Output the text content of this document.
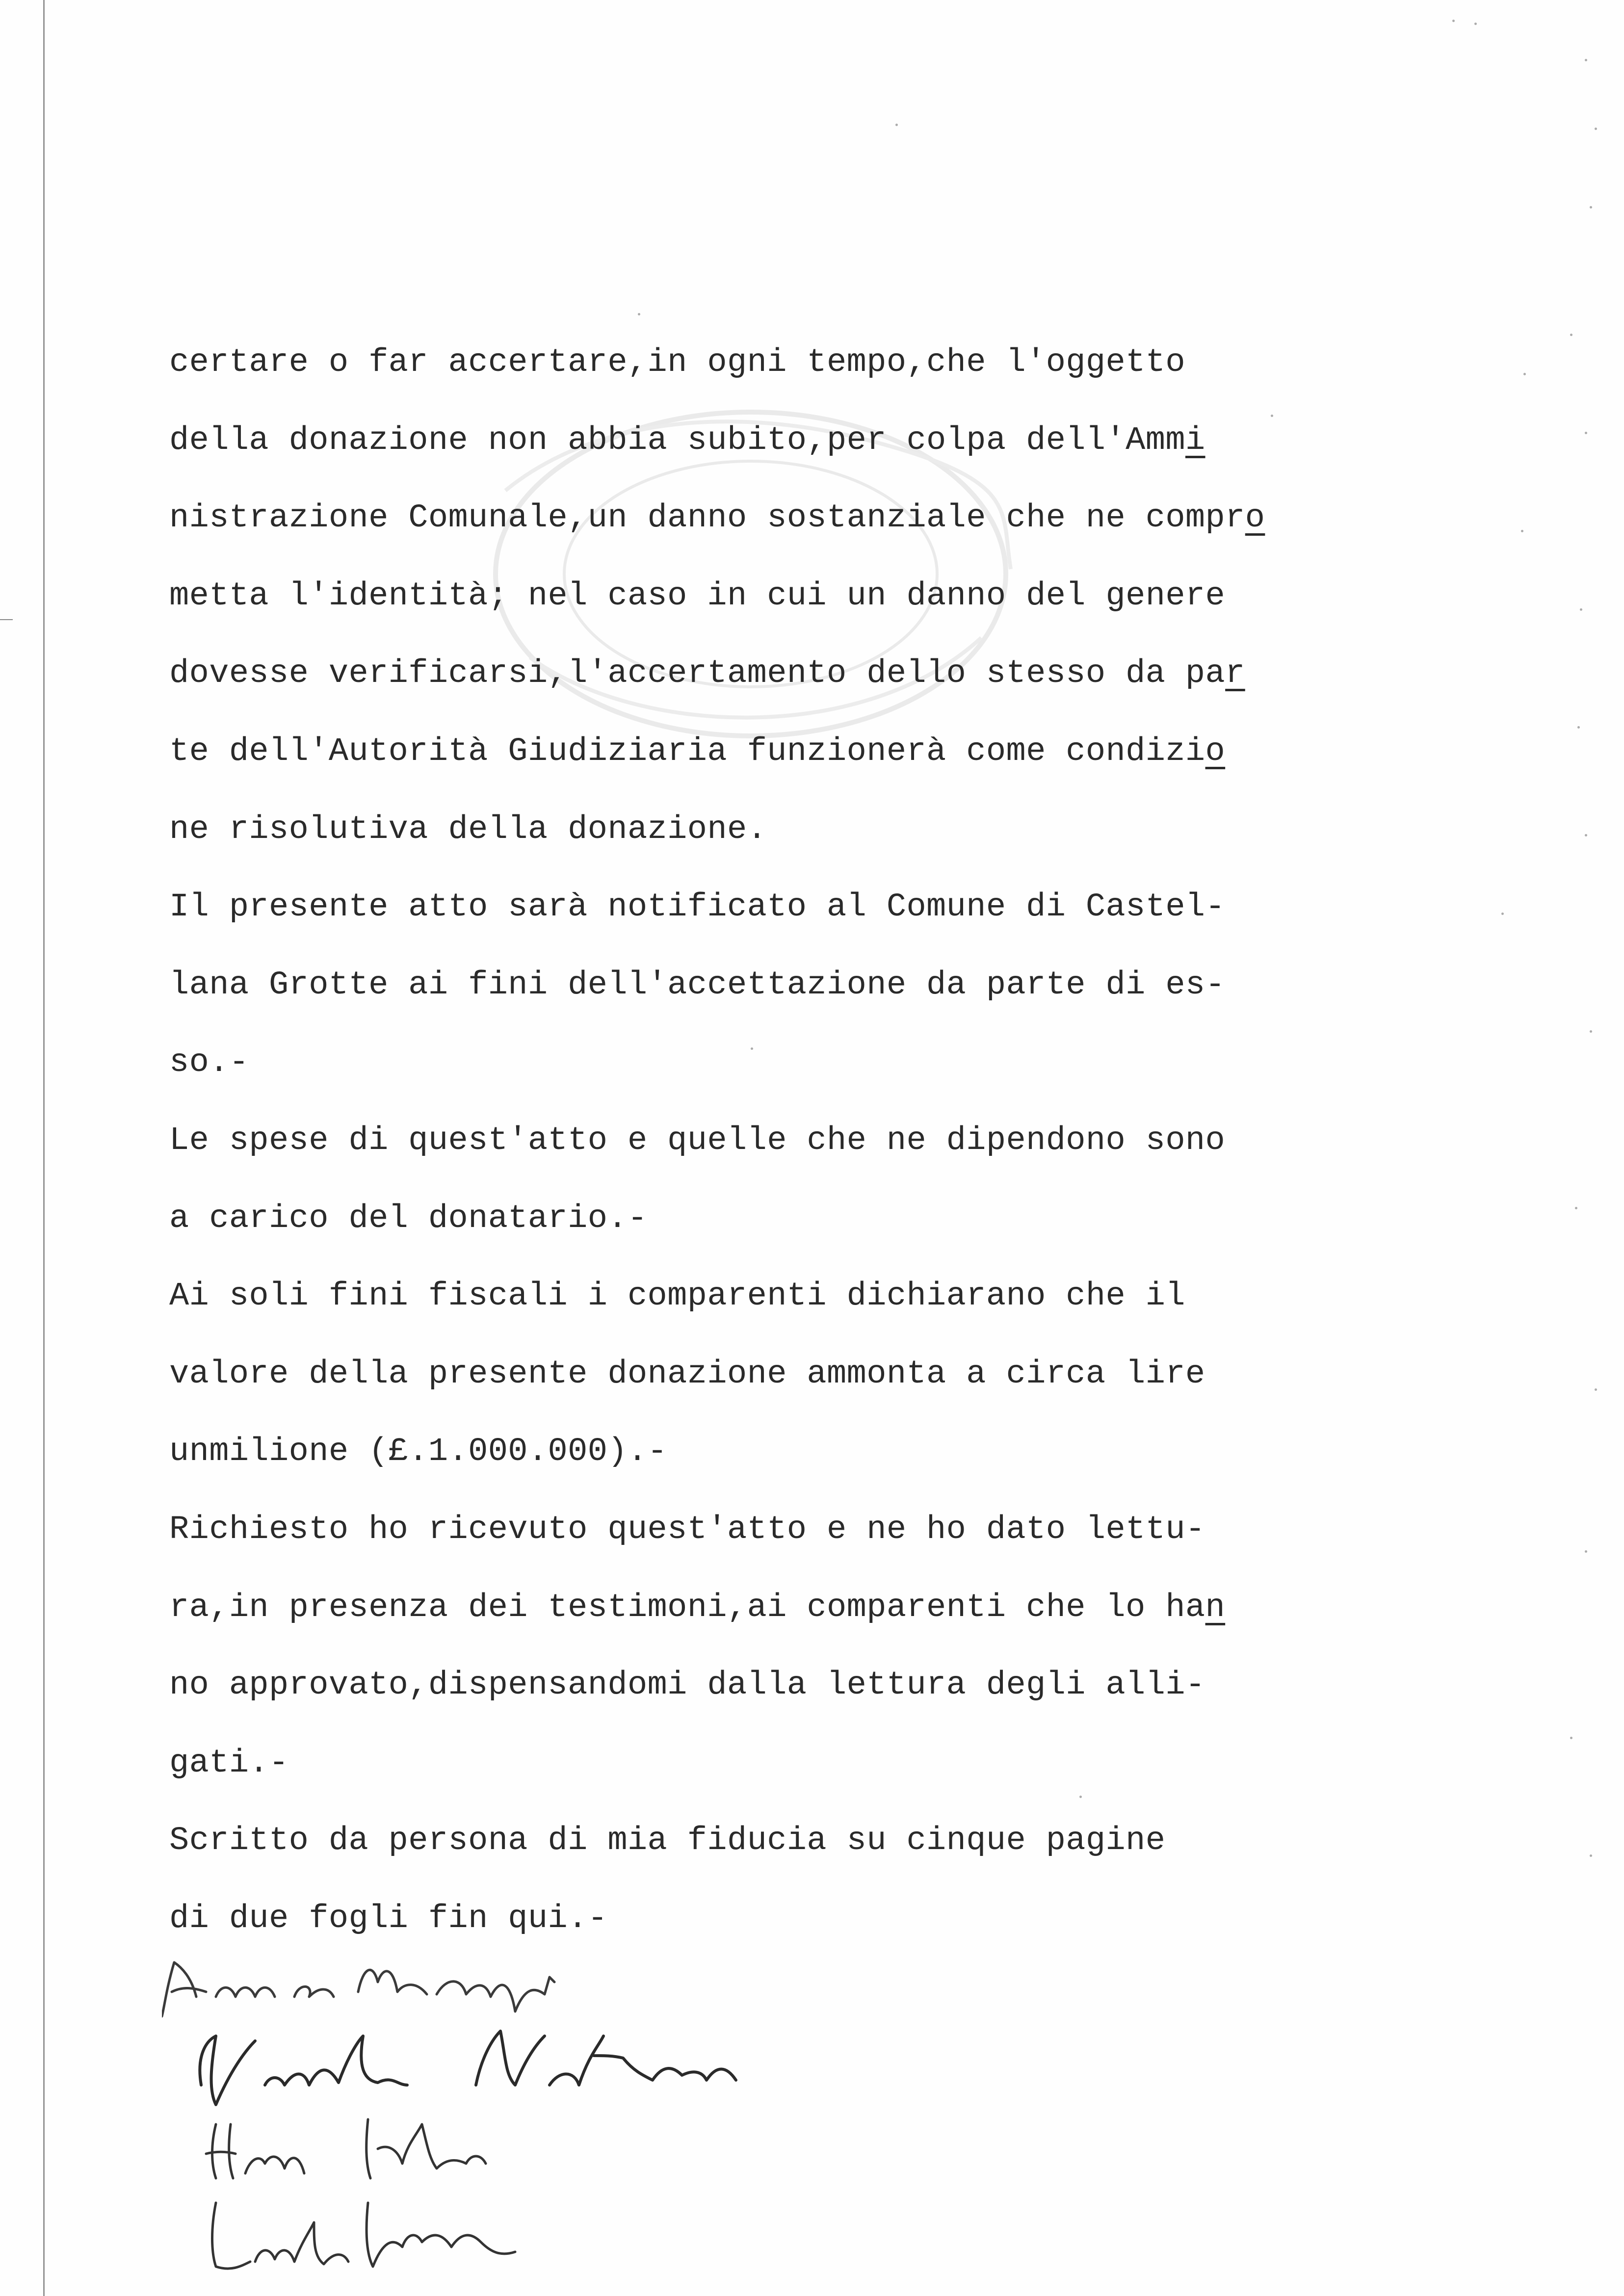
certare o far accertare,in ogni tempo,che l'oggetto
della donazione non abbia subito,per colpa dell'Ammi
nistrazione Comunale,un danno sostanziale che ne compro
metta l'identità; nel caso in cui un danno del genere
dovesse verificarsi,l'accertamento dello stesso da par
te dell'Autorità Giudiziaria funzionerà come condizio
ne risolutiva della donazione.
Il presente atto sarà notificato al Comune di Castel-
lana Grotte ai fini dell'accettazione da parte di es-
so.-
Le spese di quest'atto e quelle che ne dipendono sono
a carico del donatario.-
Ai soli fini fiscali i comparenti dichiarano che il
valore della presente donazione ammonta a circa lire
unmilione (£.1.000.000).-
Richiesto ho ricevuto quest'atto e ne ho dato lettu-
ra,in presenza dei testimoni,ai comparenti che lo han
no approvato,dispensandomi dalla lettura degli alli-
gati.-
Scritto da persona di mia fiducia su cinque pagine
di due fogli fin qui.-
